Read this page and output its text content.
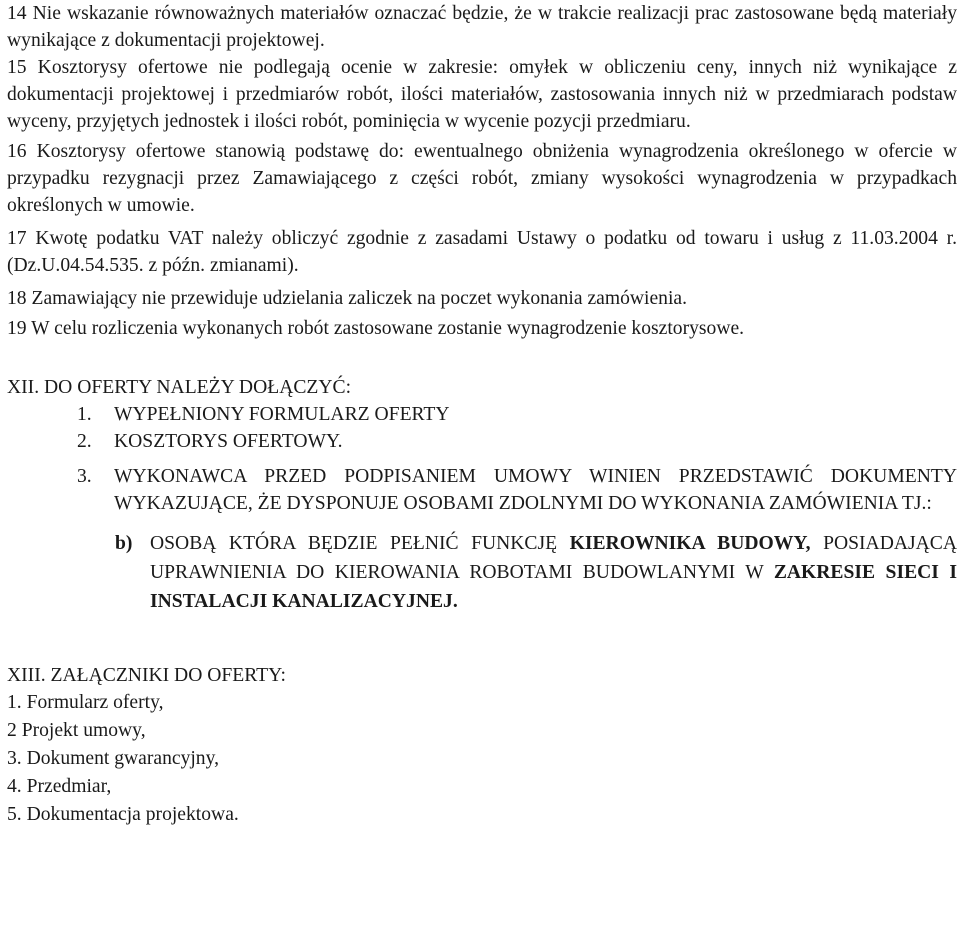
14 Nie wskazanie równoważnych materiałów oznaczać będzie, że w trakcie realizacji prac zastosowane będą materiały wynikające z dokumentacji projektowej.

15 Kosztorysy ofertowe nie podlegają ocenie w zakresie: omyłek w obliczeniu ceny, innych niż wynikające z dokumentacji projektowej i przedmiarów robót, ilości materiałów, zastosowania innych niż w przedmiarach podstaw wyceny, przyjętych jednostek i ilości robót, pominięcia w wycenie pozycji przedmiaru.

16 Kosztorysy ofertowe stanowią podstawę do: ewentualnego obniżenia wynagrodzenia określonego w ofercie w przypadku rezygnacji przez Zamawiającego z części robót, zmiany wysokości wynagrodzenia w przypadkach określonych w umowie.

17 Kwotę podatku VAT należy obliczyć zgodnie z zasadami Ustawy o podatku od towaru i usług z 11.03.2004 r. (Dz.U.04.54.535. z późn. zmianami).

18 Zamawiający nie przewiduje udzielania zaliczek na poczet wykonania zamówienia.

19 W celu rozliczenia wykonanych robót zastosowane zostanie wynagrodzenie kosztorysowe.

XII. DO OFERTY NALEŻY DOŁĄCZYĆ:
1.	WYPEŁNIONY FORMULARZ OFERTY
2.	KOSZTORYS OFERTOWY.
3.	WYKONAWCA PRZED PODPISANIEM UMOWY WINIEN PRZEDSTAWIĆ DOKUMENTY WYKAZUJĄCE, ŻE DYSPONUJE OSOBAMI ZDOLNYMI DO WYKONANIA ZAMÓWIENIA TJ.:
b) OSOBĄ KTÓRA BĘDZIE PEŁNIĆ FUNKCJĘ KIEROWNIKA BUDOWY, POSIADAJĄCĄ UPRAWNIENIA DO KIEROWANIA ROBOTAMI BUDOWLANYMI W ZAKRESIE SIECI I INSTALACJI KANALIZACYJNEJ.
XIII. ZAŁĄCZNIKI DO OFERTY:

1. Formularz oferty,

2 Projekt umowy,

3. Dokument gwarancyjny,

4. Przedmiar,

5. Dokumentacja projektowa.
